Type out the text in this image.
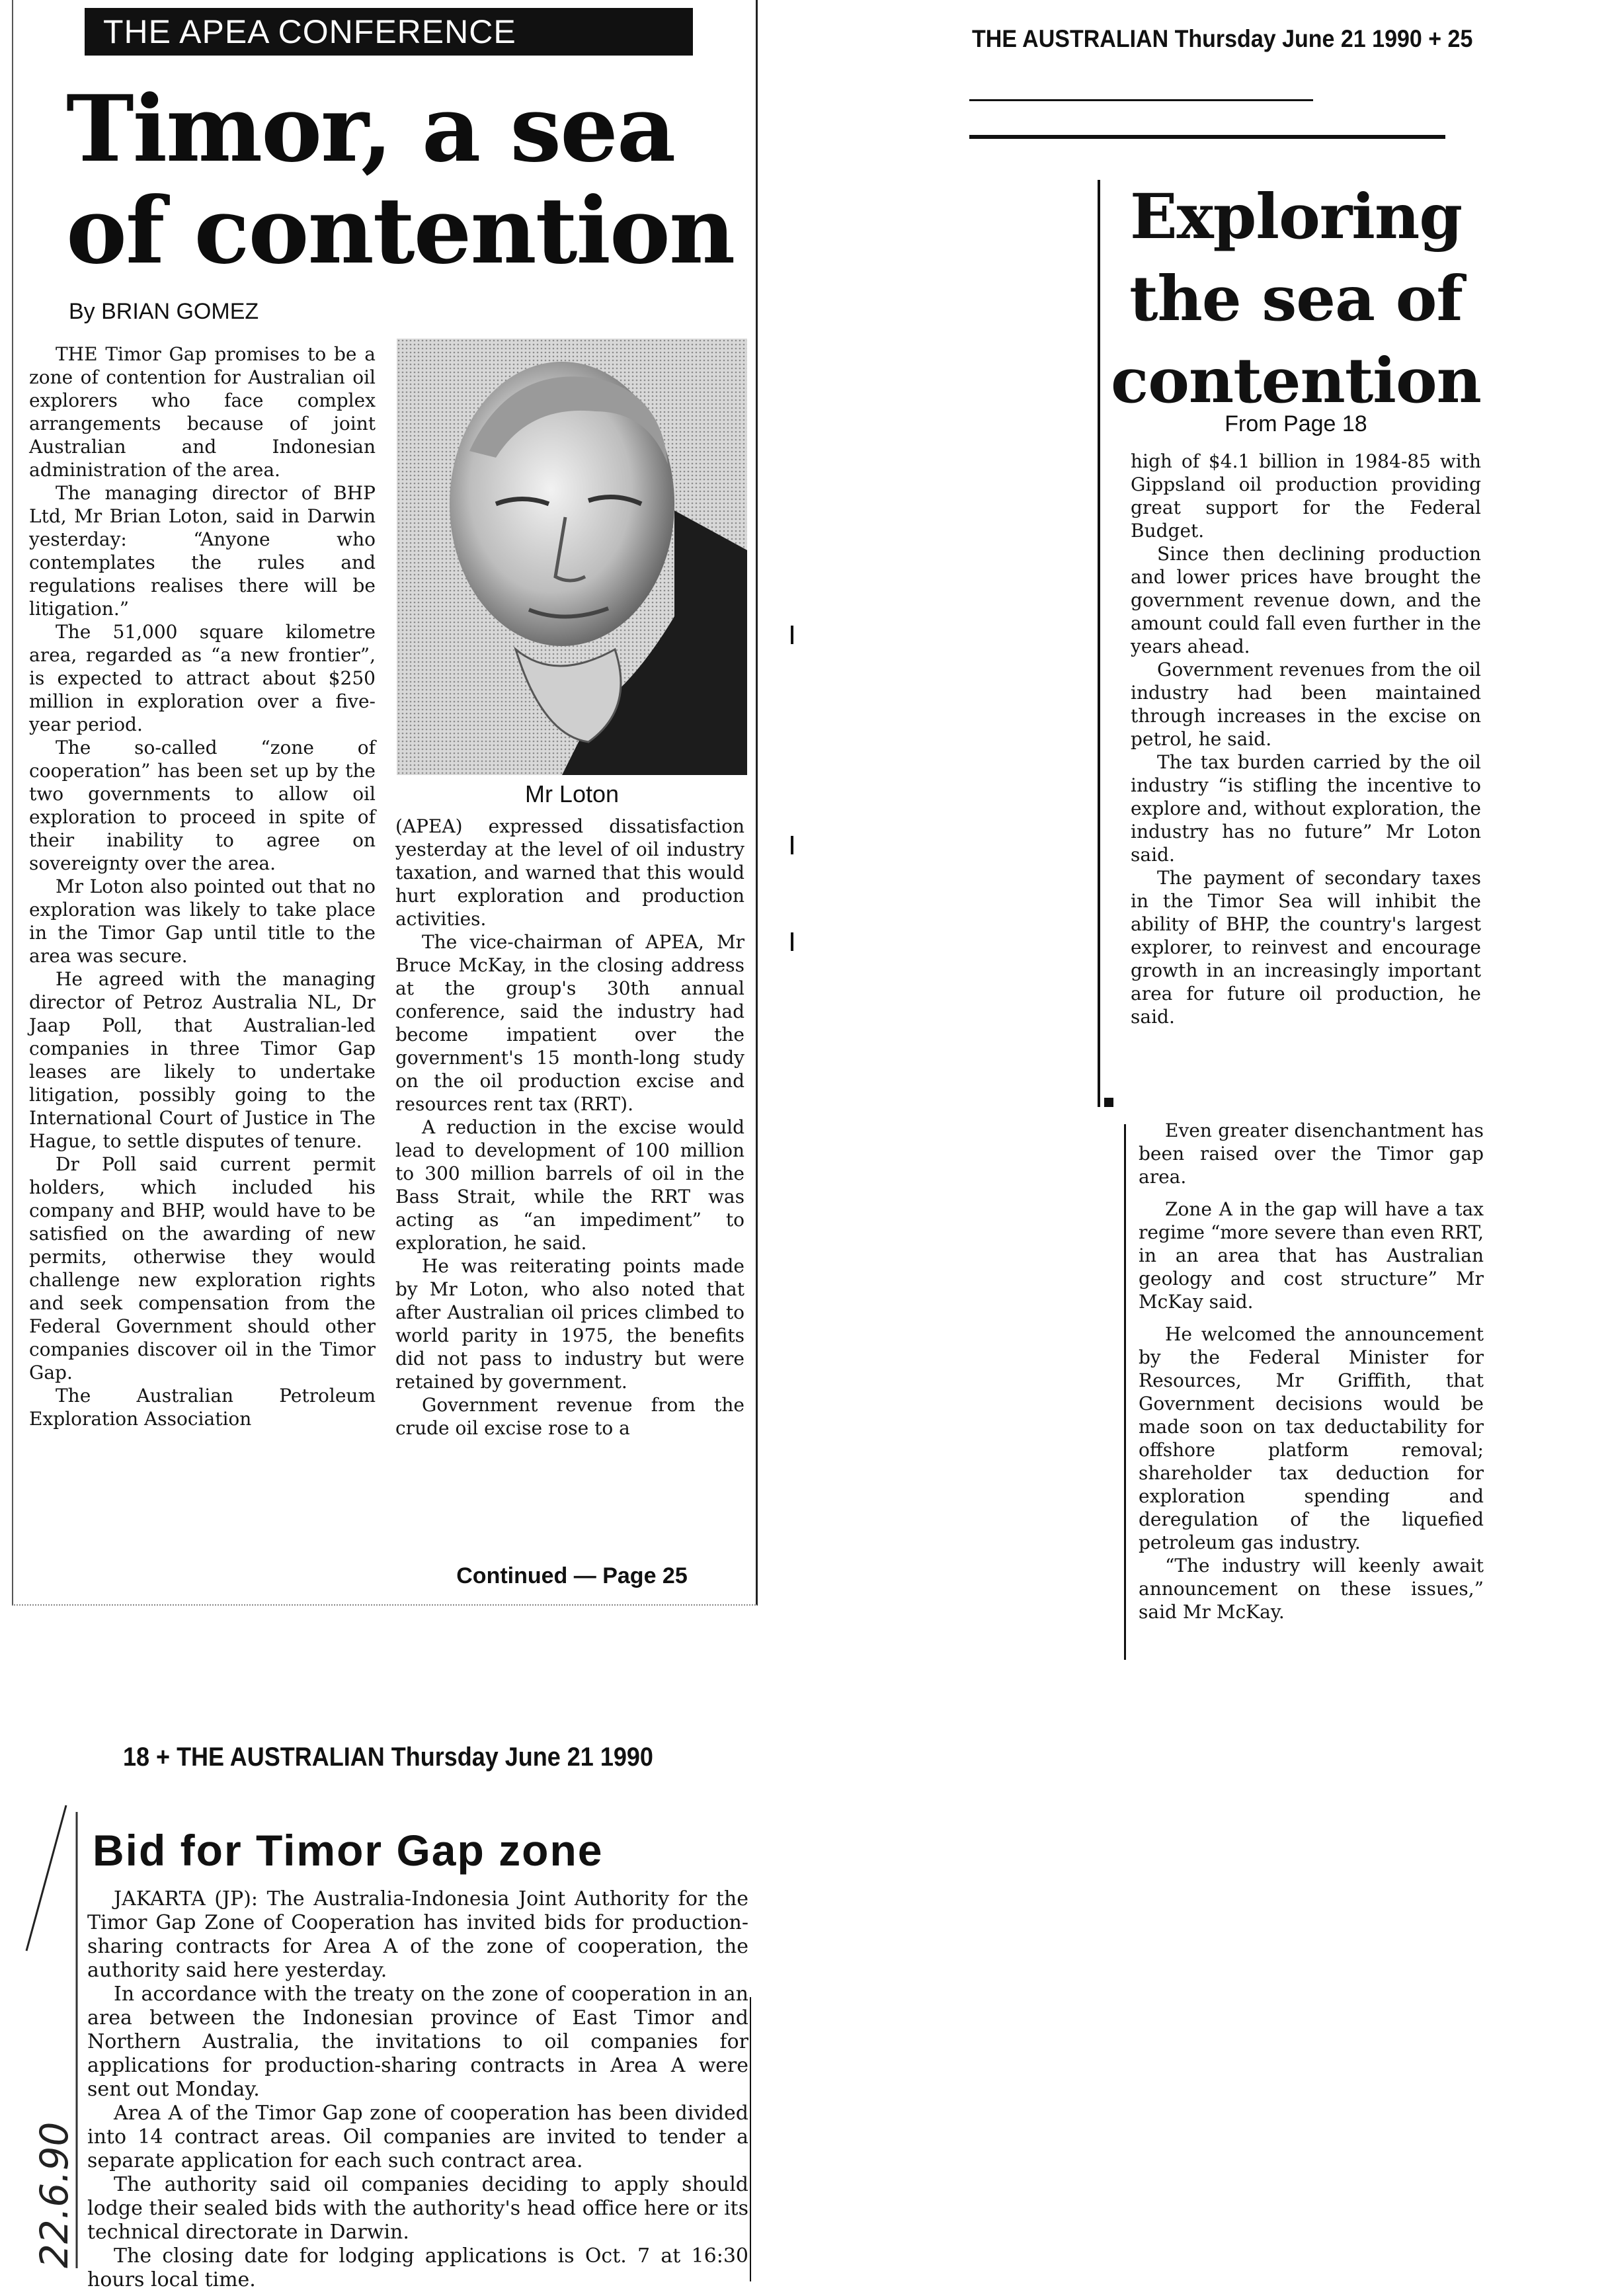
THE APEA CONFERENCE
Timor, a sea of contention
By BRIAN GOMEZ

THE Timor Gap promises to be a zone of contention for Australian oil explorers who face complex arrangements because of joint Australian and Indonesian administration of the area.

The managing director of BHP Ltd, Mr Brian Loton, said in Darwin yesterday: “Anyone who contemplates the rules and regulations realises there will be litigation.”

The 51,000 square kilometre area, regarded as “a new frontier”, is expected to attract about $250 million in exploration over a five-year period.

The so-called “zone of cooperation” has been set up by the two governments to allow oil exploration to proceed in spite of their inability to agree on sovereignty over the area.

Mr Loton also pointed out that no exploration was likely to take place in the Timor Gap until title to the area was secure.

He agreed with the managing director of Petroz Australia NL, Dr Jaap Poll, that Australian-led companies in three Timor Gap leases are likely to undertake litigation, possibly going to the International Court of Justice in The Hague, to settle disputes of tenure.

Dr Poll said current permit holders, which included his company and BHP, would have to be satisfied on the awarding of new permits, otherwise they would challenge new exploration rights and seek compensation from the Federal Government should other companies discover oil in the Timor Gap.

The Australian Petroleum Exploration Association

Mr Loton

(APEA) expressed dissatisfaction yesterday at the level of oil industry taxation, and warned that this would hurt exploration and production activities.

The vice-chairman of APEA, Mr Bruce McKay, in the closing address at the group's 30th annual conference, said the industry had become impatient over the government's 15 month-long study on the oil production excise and resources rent tax (RRT).

A reduction in the excise would lead to development of 100 million to 300 million barrels of oil in the Bass Strait, while the RRT was acting as “an impediment” to exploration, he said.

He was reiterating points made by Mr Loton, who also noted that after Australian oil prices climbed to world parity in 1975, the benefits did not pass to industry but were retained by government.

Government revenue from the crude oil excise rose to a

Continued — Page 25
THE AUSTRALIAN Thursday June 21 1990 + 25
Exploring the sea of contention
From Page 18

high of $4.1 billion in 1984-85 with Gippsland oil production providing great support for the Federal Budget.

Since then declining production and lower prices have brought the government revenue down, and the amount could fall even further in the years ahead.

Government revenues from the oil industry had been maintained through increases in the excise on petrol, he said.

The tax burden carried by the oil industry “is stifling the incentive to explore and, without exploration, the industry has no future” Mr Loton said.

The payment of secondary taxes in the Timor Sea will inhibit the ability of BHP, the country's largest explorer, to reinvest and encourage growth in an increasingly important area for future oil production, he said.

Even greater disenchantment has been raised over the Timor gap area.

Zone A in the gap will have a tax regime “more severe than even RRT, in an area that has Australian geology and cost structure” Mr McKay said.

He welcomed the announcement by the Federal Minister for Resources, Mr Griffith, that Government decisions would be made soon on tax deductability for offshore platform removal; shareholder tax deduction for exploration spending and deregulation of the liquefied petroleum gas industry.

“The industry will keenly await announcement on these issues,” said Mr McKay.

18 + THE AUSTRALIAN Thursday June 21 1990
Bid for Timor Gap zone

JAKARTA (JP): The Australia-Indonesia Joint Authority for the Timor Gap Zone of Cooperation has invited bids for production-sharing contracts for Area A of the zone of cooperation, the authority said here yesterday.

In accordance with the treaty on the zone of cooperation in an area between the Indonesian province of East Timor and Northern Australia, the invitations to oil companies for applications for production-sharing contracts in Area A were sent out Monday.

Area A of the Timor Gap zone of cooperation has been divided into 14 contract areas. Oil companies are invited to tender a separate application for each such contract area.

The authority said oil companies deciding to apply should lodge their sealed bids with the authority's head office here or its technical directorate in Darwin.

The closing date for lodging applications is Oct. 7 at 16:30 hours local time.

22.6.90
